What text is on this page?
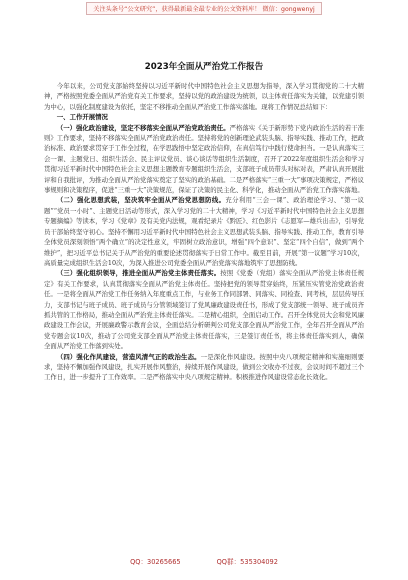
关注头条号“公文研究”，获得最新最全最专业的公文资料库！ 微信：gongwenyj
2023年全面从严治党工作报告

今年以来，公司党支部始终坚持以习近平新时代中国特色社会主义思想为指导，深入学习贯彻党的二十大精神，严格按照党委全面从严治党有关工作要求，坚持以党的政治建设为统领，以主体责任落实为关键，以党建引领为中心，以强化制度建设为依托，坚定不移推动全面从严治党工作落实落地。现将工作情况总结如下：

一、工作开展情况

（一）强化政治建设，坚定不移落实全面从严治党政治责任。严格落实《关于新形势下党内政治生活的若干准则》工作要求，坚持不移落实全面从严治党政治责任。坚持将党的创新理论武装头脑、指导实践、推动工作，把政治标准、政治要求贯穿于工作全过程，在学思践悟中坚定政治信仰，在真信笃行中践行使命担当。一是认真落实三会一课、主题党日、组织生活会、民主评议党员、谈心谈话等组织生活制度，召开了2022年度组织生活会和学习贯彻习近平新时代中国特色社会主义思想主题教育专题组织生活会，支部班子成员带头对标对表，严肃认真开展批评和自我批评，为推动全面从严治党落实奠定了坚实的政治基础。二是严格落实“三重一大”事项决策规定，严格议事规则和决策程序，促进“三重一大”决策规范，保证了决策的民主化、科学化，推动全面从严治党工作落实落地。

（二）强化思想武装，坚决筑牢全面从严治党思想防线。充分利用“三会一课”、政治理论学习、“第一议题”“党员一小时”、主题党日活动等形式，深入学习党的二十大精神，学习《习近平新时代中国特色社会主义思想专题摘编》等读本，学习《党章》及有关党内法规，观看纪录片《黔匠》、红色影片《志愿军—雄兵出击》，引导党员干部始终坚守初心。坚持不懈用习近平新时代中国特色社会主义思想武装头脑、指导实践、推动工作，教育引导全体党员深刻领悟“两个确立”的决定性意义，牢固树立政治意识，增强“四个意识”、坚定“四个自信”，做到“两个维护”，把习近平总书记关于从严治党的重要论述贯彻落实于日常工作中。截至目前，开展“第一议题”学习10次，高质量完成组织生活会10次，为深入推进公司党委全面从严治党落实落地筑牢了思想防线。

（三）强化组织领导，推进全面从严治党主体责任落实。按照《党委（党组）落实全面从严治党主体责任规定》有关工作要求，认真贯彻落实全面从严治党主体责任。坚持把党的领导贯穿始终，压紧压实管党治党政治责任。一是将全面从严治党工作任务纳入年度重点工作，与业务工作同部署、同落实、同检查、同考核，层层传导压力，支部书记与班子成员、班子成员与分管领域签订了党风廉政建设责任书，形成了党支部统一领导、班子成员齐抓共管的工作格局，推动全面从严治党主体责任落实。二是精心组织，全面启动工作。召开全体党员大会和党风廉政建设工作会议，开展廉政警示教育会议，全面总结分析研判公司党支部全面从严治党工作，全年召开全面从严治党专题会议10次，推动了公司党支部全面从严治党主体责任落实，三是签订责任书，将主体责任落实到人，确保全面从严治党工作落到实处。

（四）强化作风建设，营造风清气正的政治生态。一是深化作风建设。按照中央八项规定精神和实施细则要求，坚持不懈加强作风建设，扎实开展作风整治，持续开展作风建设，做到公文收办不过夜，会议时间不超过三个工作日，进一步提升了工作效率。二是严格落实中央八项规定精神。积极推进作风建设常态化长效化。

QQ：30265665	QQ群：535304092
